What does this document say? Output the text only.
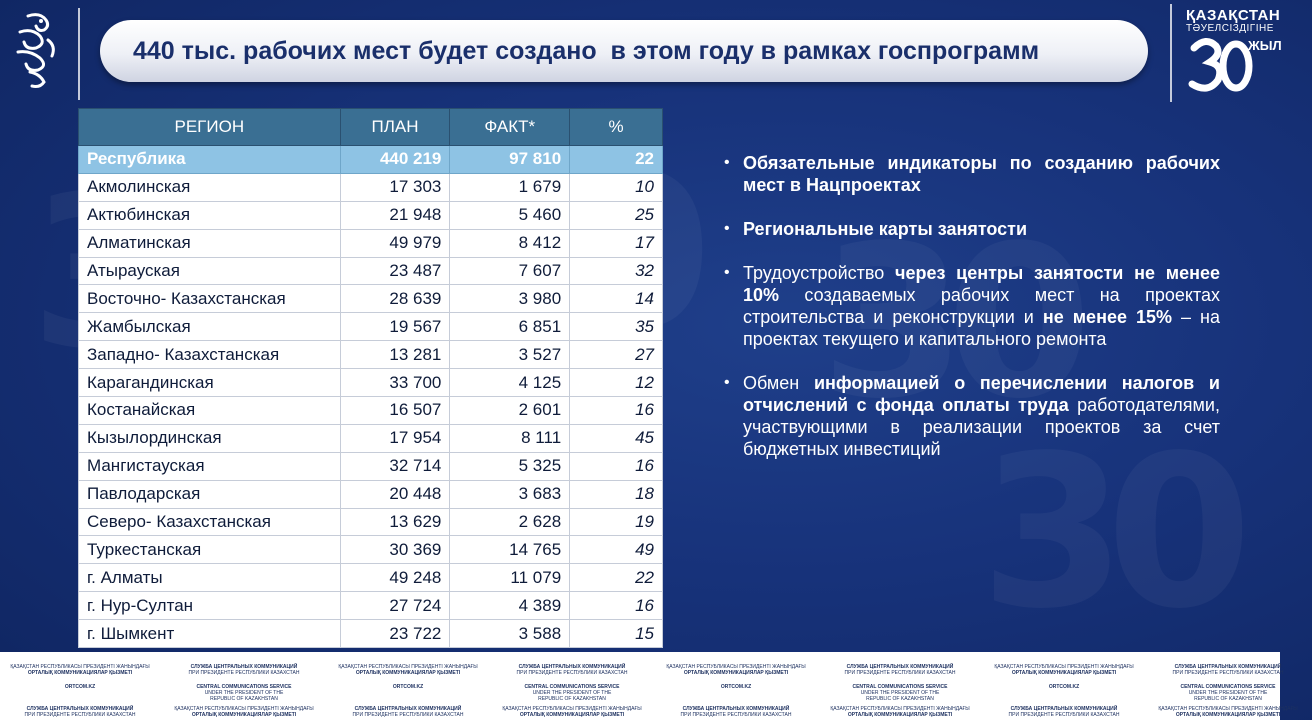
440 тыс. рабочих мест будет создано  в этом году в рамках госпрограмм
ҚАЗАҚСТАН
ТӘУЕЛСІЗДІГІНЕ
ЖЫЛ
РЕГИОН	ПЛАН	ФАКТ*	%
Республика	440 219	97 810	22
Акмолинская	17 303	1 679	10
Актюбинская	21 948	5 460	25
Алматинская	49 979	8 412	17
Атырауская	23 487	7 607	32
Восточно- Казахстанская	28 639	3 980	14
Жамбылская	19 567	6 851	35
Западно- Казахстанская	13 281	3 527	27
Карагандинская	33 700	4 125	12
Костанайская	16 507	2 601	16
Кызылординская	17 954	8 111	45
Мангистауская	32 714	5 325	16
Павлодарская	20 448	3 683	18
Северо- Казахстанская	13 629	2 628	19
Туркестанская	30 369	14 765	49
г. Алматы	49 248	11 079	22
г. Нур-Султан	27 724	4 389	16
г. Шымкент	23 722	3 588	15
• Обязательные индикаторы по созданию рабочих мест в Нацпроектах
• Региональные карты занятости
• Трудоустройство через центры занятости не менее 10% создаваемых рабочих мест на проектах строительства и реконструкции и не менее 15% – на проектах текущего и капитального ремонта
• Обмен информацией о перечислении налогов и отчислений с фонда оплаты труда работодателями, участвующими в реализации проектов за счет бюджетных инвестиций
ҚАЗАҚСТАН РЕСПУБЛИКАСЫ ПРЕЗИДЕНТІ ЖАНЫНДАҒЫ
ОРТАЛЫҚ КОММУНИКАЦИЯЛАР ҚЫЗМЕТІСЛУЖБА ЦЕНТРАЛЬНЫХ КОММУНИКАЦИЙ
ПРИ ПРЕЗИДЕНТЕ РЕСПУБЛИКИ КАЗАХСТАН
ҚАЗАҚСТАН РЕСПУБЛИКАСЫ ПРЕЗИДЕНТІ ЖАНЫНДАҒЫ
ОРТАЛЫҚ КОММУНИКАЦИЯЛАР ҚЫЗМЕТІСЛУЖБА ЦЕНТРАЛЬНЫХ КОММУНИКАЦИЙ
ПРИ ПРЕЗИДЕНТЕ РЕСПУБЛИКИ КАЗАХСТАН
ҚАЗАҚСТАН РЕСПУБЛИКАСЫ ПРЕЗИДЕНТІ ЖАНЫНДАҒЫ
ОРТАЛЫҚ КОММУНИКАЦИЯЛАР ҚЫЗМЕТІСЛУЖБА ЦЕНТРАЛЬНЫХ КОММУНИКАЦИЙ
ПРИ ПРЕЗИДЕНТЕ РЕСПУБЛИКИ КАЗАХСТАН
ҚАЗАҚСТАН РЕСПУБЛИКАСЫ ПРЕЗИДЕНТІ ЖАНЫНДАҒЫ
ОРТАЛЫҚ КОММУНИКАЦИЯЛАР ҚЫЗМЕТІСЛУЖБА ЦЕНТРАЛЬНЫХ КОММУНИКАЦИЙ
ПРИ ПРЕЗИДЕНТЕ РЕСПУБЛИКИ КАЗАХСТАН
ORTCOM.KZ	CENTRAL COMMUNICATIONS SERVICE
UNDER THE PRESIDENT OF THE
REPUBLIC OF KAZAKHSTAN
ORTCOM.KZ	CENTRAL COMMUNICATIONS SERVICE
UNDER THE PRESIDENT OF THE
REPUBLIC OF KAZAKHSTAN
ORTCOM.KZ	CENTRAL COMMUNICATIONS SERVICE
UNDER THE PRESIDENT OF THE
REPUBLIC OF KAZAKHSTAN
ORTCOM.KZ	CENTRAL COMMUNICATIONS SERVICE
UNDER THE PRESIDENT OF THE
REPUBLIC OF KAZAKHSTAN
СЛУЖБА ЦЕНТРАЛЬНЫХ КОММУНИКАЦИЙ
ПРИ ПРЕЗИДЕНТЕ РЕСПУБЛИКИ КАЗАХСТАН
ҚАЗАҚСТАН РЕСПУБЛИКАСЫ ПРЕЗИДЕНТІ ЖАНЫНДАҒЫ
ОРТАЛЫҚ КОММУНИКАЦИЯЛАР ҚЫЗМЕТІСЛУЖБА ЦЕНТРАЛЬНЫХ КОММУНИКАЦИЙ
ПРИ ПРЕЗИДЕНТЕ РЕСПУБЛИКИ КАЗАХСТАН
ҚАЗАҚСТАН РЕСПУБЛИКАСЫ ПРЕЗИДЕНТІ ЖАНЫНДАҒЫ
ОРТАЛЫҚ КОММУНИКАЦИЯЛАР ҚЫЗМЕТІСЛУЖБА ЦЕНТРАЛЬНЫХ КОММУНИКАЦИЙ
ПРИ ПРЕЗИДЕНТЕ РЕСПУБЛИКИ КАЗАХСТАН
ҚАЗАҚСТАН РЕСПУБЛИКАСЫ ПРЕЗИДЕНТІ ЖАНЫНДАҒЫ
ОРТАЛЫҚ КОММУНИКАЦИЯЛАР ҚЫЗМЕТІСЛУЖБА ЦЕНТРАЛЬНЫХ КОММУНИКАЦИЙ
ПРИ ПРЕЗИДЕНТЕ РЕСПУБЛИКИ КАЗАХСТАН
ҚАЗАҚСТАН РЕСПУБЛИКАСЫ ПРЕЗИДЕНТІ ЖАНЫНДАҒЫ
ОРТАЛЫҚ КОММУНИКАЦИЯЛАР ҚЫЗМЕТІ
